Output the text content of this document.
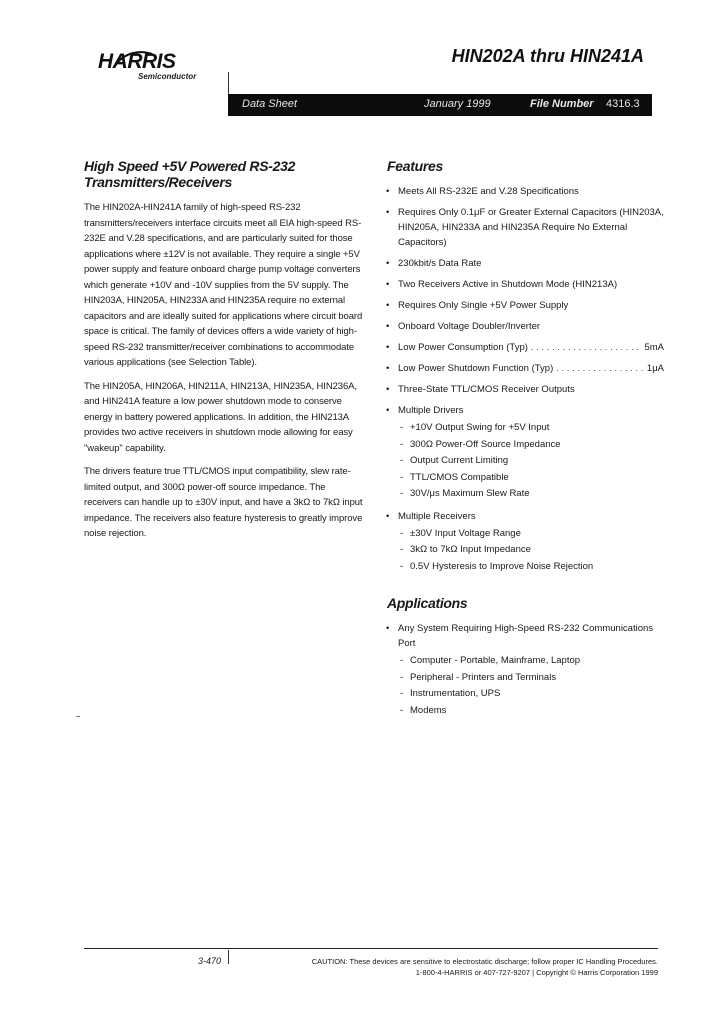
HARRIS
Semiconductor
HIN202A thru HIN241A
Data Sheet	January 1999	File Number 4316.3
High Speed +5V Powered RS-232 Transmitters/Receivers

The HIN202A-HIN241A family of high-speed RS-232 transmitters/receivers interface circuits meet all EIA high-speed RS-232E and V.28 specifications, and are particularly suited for those applications where ±12V is not available. They require a single +5V power supply and feature onboard charge pump voltage converters which generate +10V and -10V supplies from the 5V supply. The HIN203A, HIN205A, HIN233A and HIN235A require no external capacitors and are ideally suited for applications where circuit board space is critical. The family of devices offers a wide variety of high-speed RS-232 transmitter/receiver combinations to accommodate various applications (see Selection Table).

The HIN205A, HIN206A, HIN211A, HIN213A, HIN235A, HIN236A, and HIN241A feature a low power shutdown mode to conserve energy in battery powered applications. In addition, the HIN213A provides two active receivers in shutdown mode allowing for easy "wakeup" capability.

The drivers feature true TTL/CMOS input compatibility, slew rate-limited output, and 300Ω power-off source impedance. The receivers can handle up to ±30V input, and have a 3kΩ to 7kΩ input impedance. The receivers also feature hysteresis to greatly improve noise rejection.

Features
• Meets All RS-232E and V.28 Specifications
• Requires Only 0.1μF or Greater External Capacitors (HIN203A, HIN205A, HIN233A and HIN235A Require No External Capacitors)
• 230kbit/s Data Rate
• Two Receivers Active in Shutdown Mode (HIN213A)
• Requires Only Single +5V Power Supply
• Onboard Voltage Doubler/Inverter
• Low Power Consumption (Typ) . . .	5mA
• Low Power Shutdown Function (Typ) . . .	1μA
• Three-State TTL/CMOS Receiver Outputs
• Multiple Drivers
- +10V Output Swing for +5V Input
- 300Ω Power-Off Source Impedance
- Output Current Limiting
- TTL/CMOS Compatible
- 30V/μs Maximum Slew Rate
• Multiple Receivers
- ±30V Input Voltage Range
- 3kΩ to 7kΩ Input Impedance
- 0.5V Hysteresis to Improve Noise Rejection
Applications
• Any System Requiring High-Speed RS-232 Communications Port
- Computer - Portable, Mainframe, Laptop
- Peripheral - Printers and Terminals
- Instrumentation, UPS
- Modems
3-470	CAUTION: These devices are sensitive to electrostatic discharge; follow proper IC Handling Procedures.
1-800-4-HARRIS or 407-727-9207 | Copyright © Harris Corporation 1999
